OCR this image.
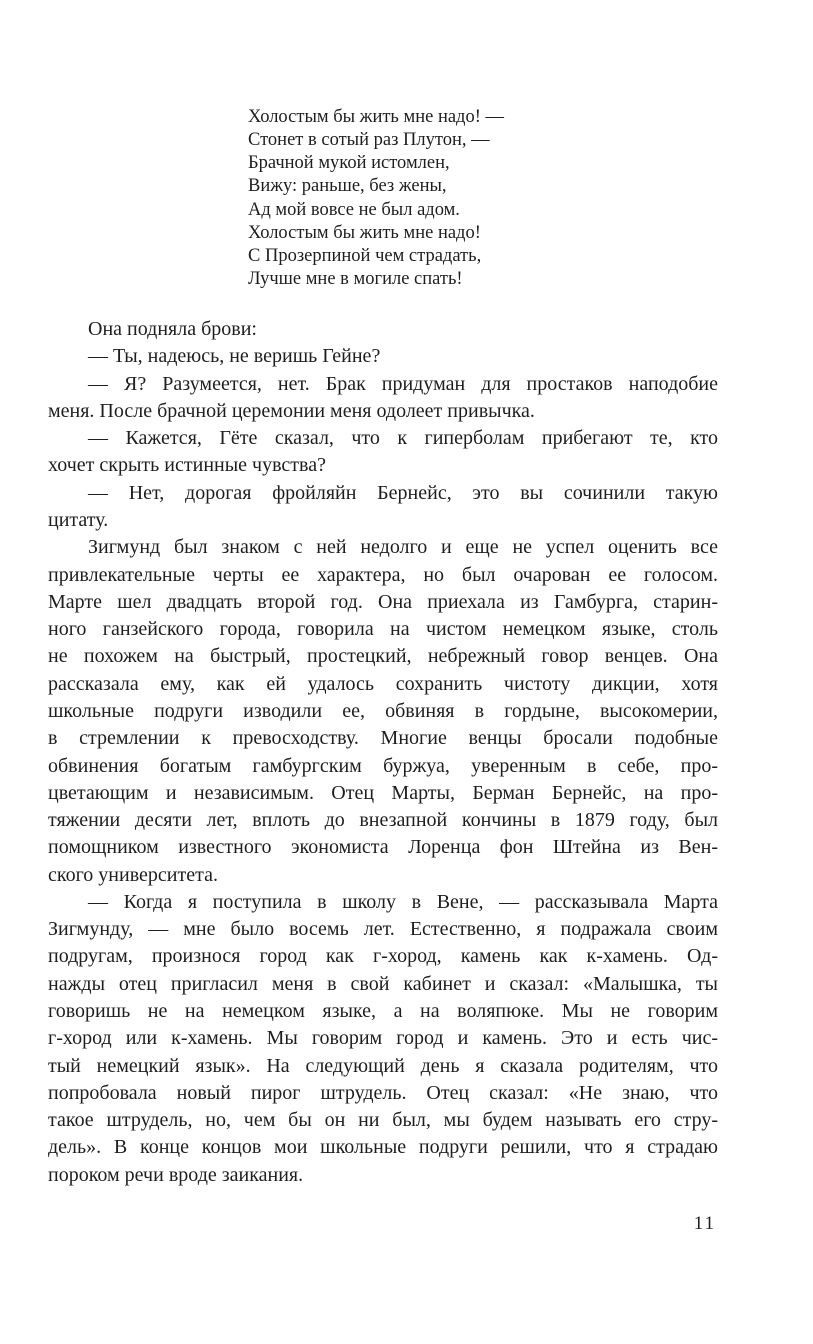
Холостым бы жить мне надо! —
Стонет в сотый раз Плутон, —
Брачной мукой истомлен,
Вижу: раньше, без жены,
Ад мой вовсе не был адом.
Холостым бы жить мне надо!
С Прозерпиной чем страдать,
Лучше мне в могиле спать!
Она подняла брови:
— Ты, надеюсь, не веришь Гейне?
— Я? Разумеется, нет. Брак придуман для простаков наподобие
меня. После брачной церемонии меня одолеет привычка.
— Кажется, Гёте сказал, что к гиперболам прибегают те, кто
хочет скрыть истинные чувства?
— Нет, дорогая фройляйн Бернейс, это вы сочинили такую
цитату.
Зигмунд был знаком с ней недолго и еще не успел оценить все
привлекательные черты ее характера, но был очарован ее голосом.
Марте шел двадцать второй год. Она приехала из Гамбурга, старин-
ного ганзейского города, говорила на чистом немецком языке, столь
не похожем на быстрый, простецкий, небрежный говор венцев. Она
рассказала ему, как ей удалось сохранить чистоту дикции, хотя
школьные подруги изводили ее, обвиняя в гордыне, высокомерии,
в стремлении к превосходству. Многие венцы бросали подобные
обвинения богатым гамбургским буржуа, уверенным в себе, про-
цветающим и независимым. Отец Марты, Берман Бернейс, на про-
тяжении десяти лет, вплоть до внезапной кончины в 1879 году, был
помощником известного экономиста Лоренца фон Штейна из Вен-
ского университета.
— Когда я поступила в школу в Вене, — рассказывала Марта
Зигмунду, — мне было восемь лет. Естественно, я подражала своим
подругам, произнося город как г-хород, камень как к-хамень. Од-
нажды отец пригласил меня в свой кабинет и сказал: «Малышка, ты
говоришь не на немецком языке, а на воляпюке. Мы не говорим
г-хород или к-хамень. Мы говорим город и камень. Это и есть чис-
тый немецкий язык». На следующий день я сказала родителям, что
попробовала новый пирог штрудель. Отец сказал: «Не знаю, что
такое штрудель, но, чем бы он ни был, мы будем называть его стру-
дель». В конце концов мои школьные подруги решили, что я страдаю
пороком речи вроде заикания.
11
